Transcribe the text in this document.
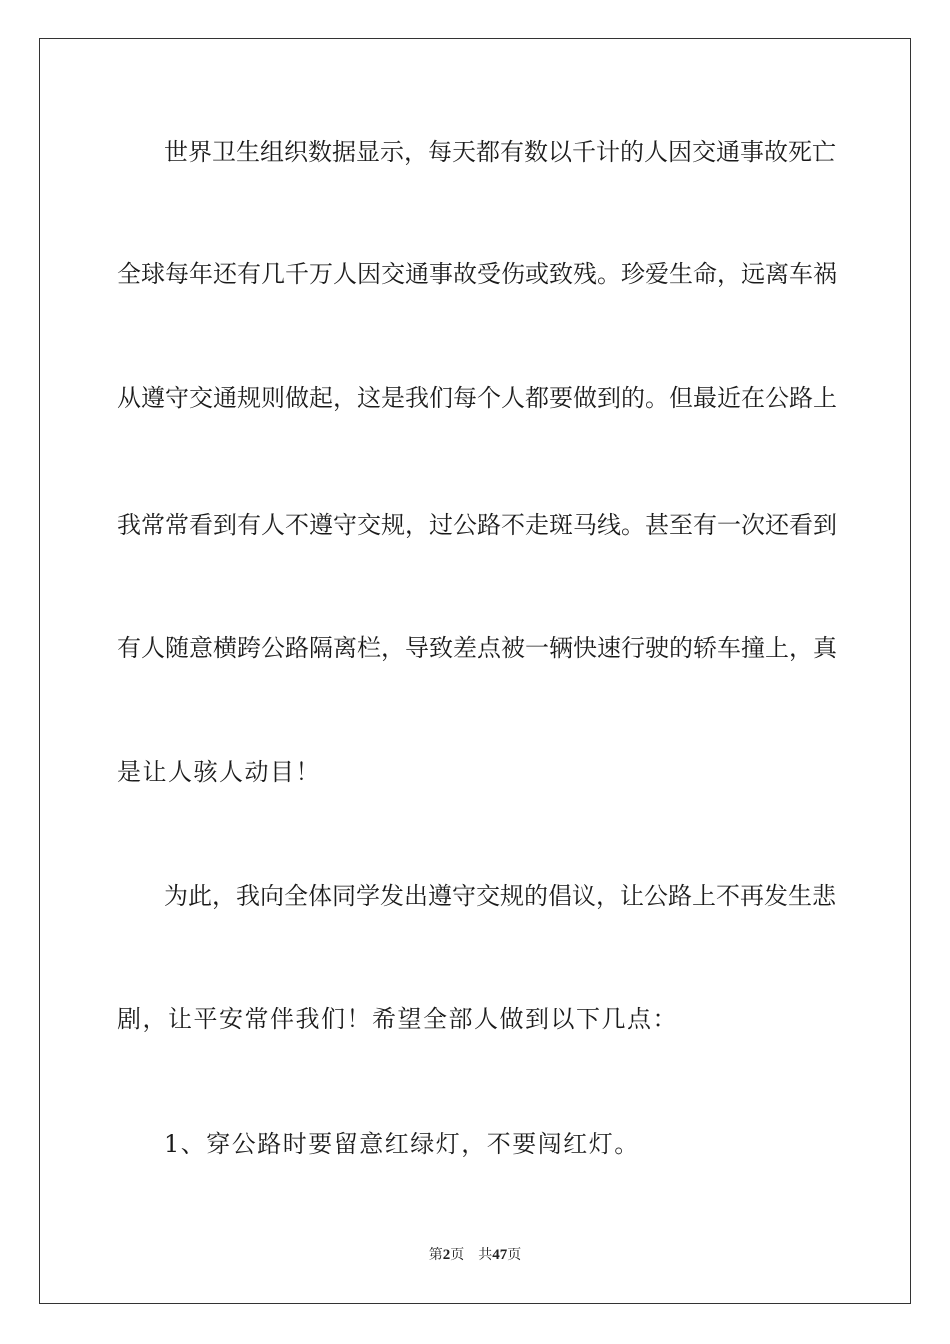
世界卫生组织数据显示，每天都有数以千计的人因交通事故死亡
全球每年还有几千万人因交通事故受伤或致残。珍爱生命，远离车祸
从遵守交通规则做起，这是我们每个人都要做到的。但最近在公路上
我常常看到有人不遵守交规，过公路不走斑马线。甚至有一次还看到
有人随意横跨公路隔离栏，导致差点被一辆快速行驶的轿车撞上，真
是让人骇人动目！
为此，我向全体同学发出遵守交规的倡议，让公路上不再发生悲
剧，让平安常伴我们！希望全部人做到以下几点：
1、穿公路时要留意红绿灯，不要闯红灯。
第2页 共47页
